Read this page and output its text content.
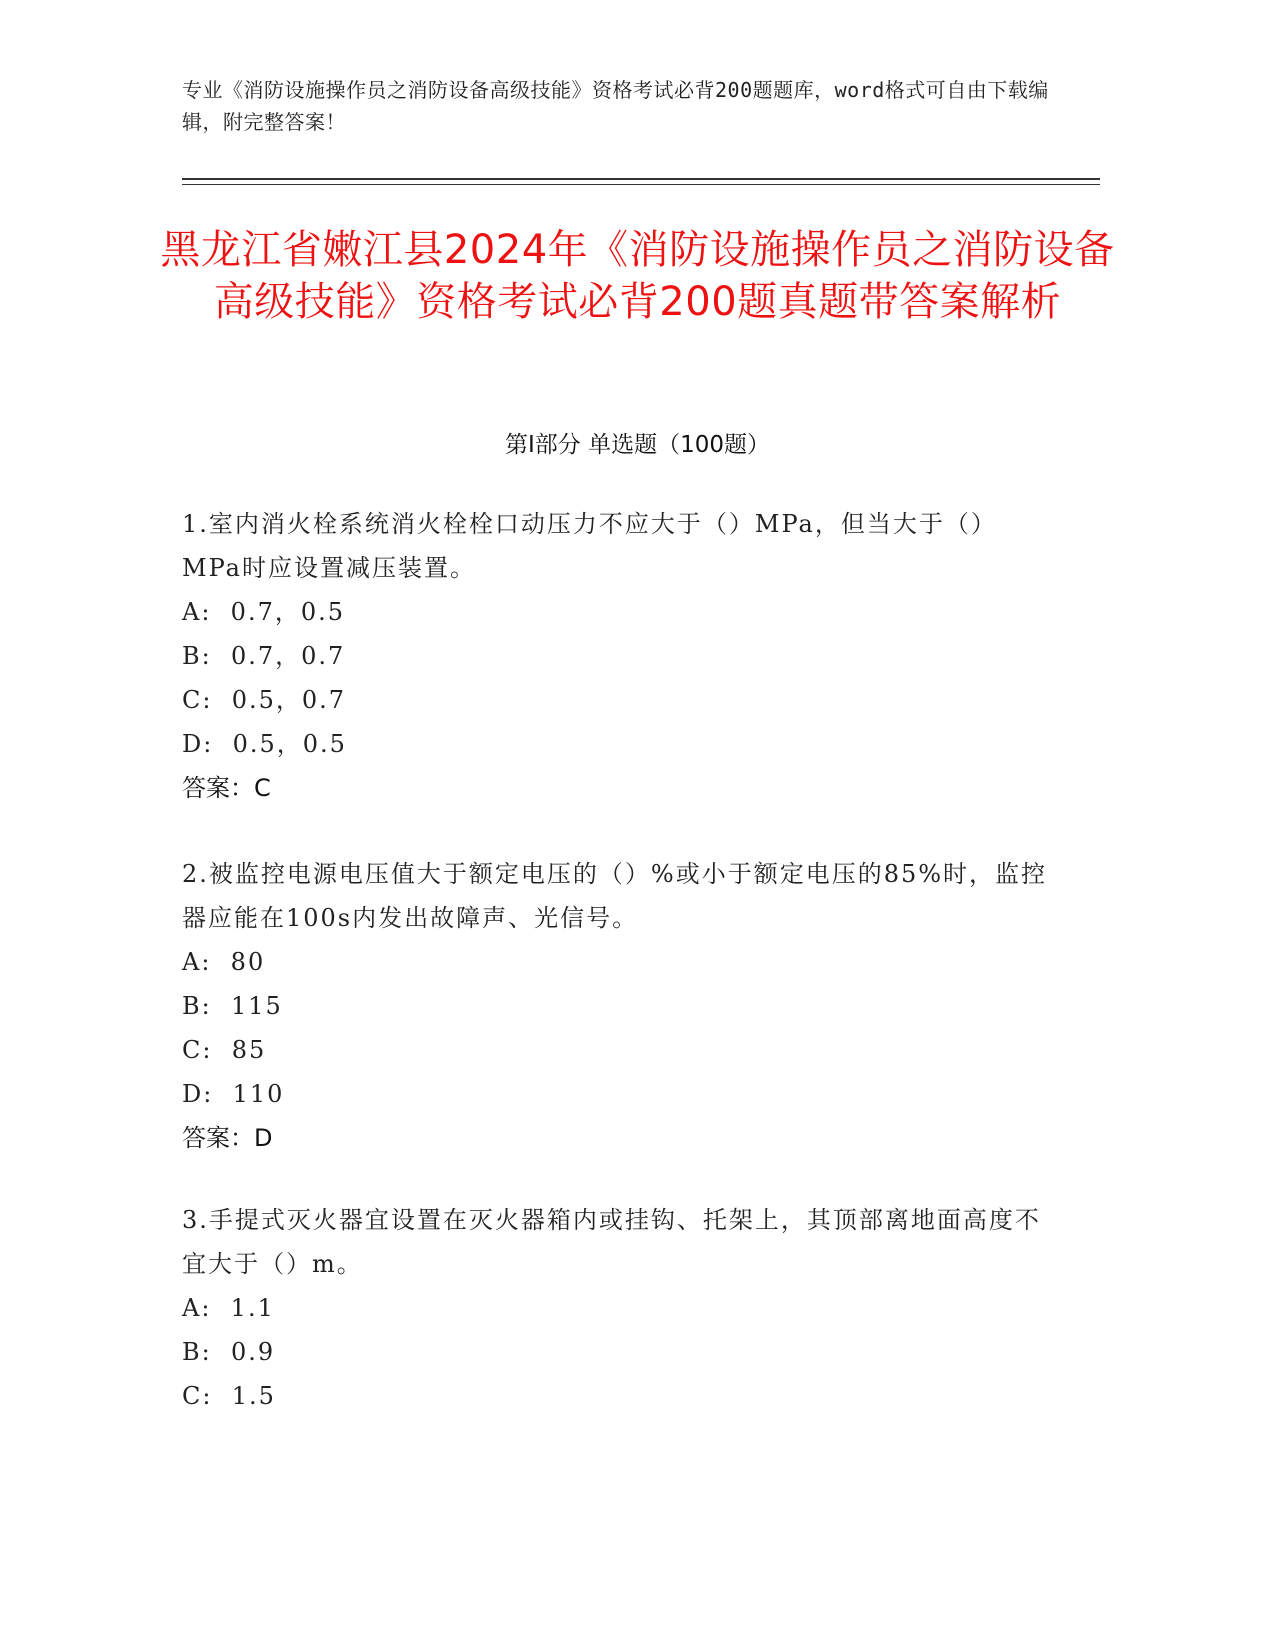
专业《消防设施操作员之消防设备高级技能》资格考试必背200题题库，word格式可自由下载编辑，附完整答案！
黑龙江省嫩江县2024年《消防设施操作员之消防设备高级技能》资格考试必背200题真题带答案解析
第I部分 单选题（100题）
1.室内消火栓系统消火栓栓口动压力不应大于（）MPa，但当大于（）MPa时应设置减压装置。
A:  0.7，0.5
B:  0.7，0.7
C:  0.5，0.7
D:  0.5，0.5
答案：C
2.被监控电源电压值大于额定电压的（）%或小于额定电压的85%时，监控器应能在100s内发出故障声、光信号。
A:  80
B:  115
C:  85
D:  110
答案：D
3.手提式灭火器宜设置在灭火器箱内或挂钩、托架上，其顶部离地面高度不宜大于（）m。
A:  1.1
B:  0.9
C:  1.5
